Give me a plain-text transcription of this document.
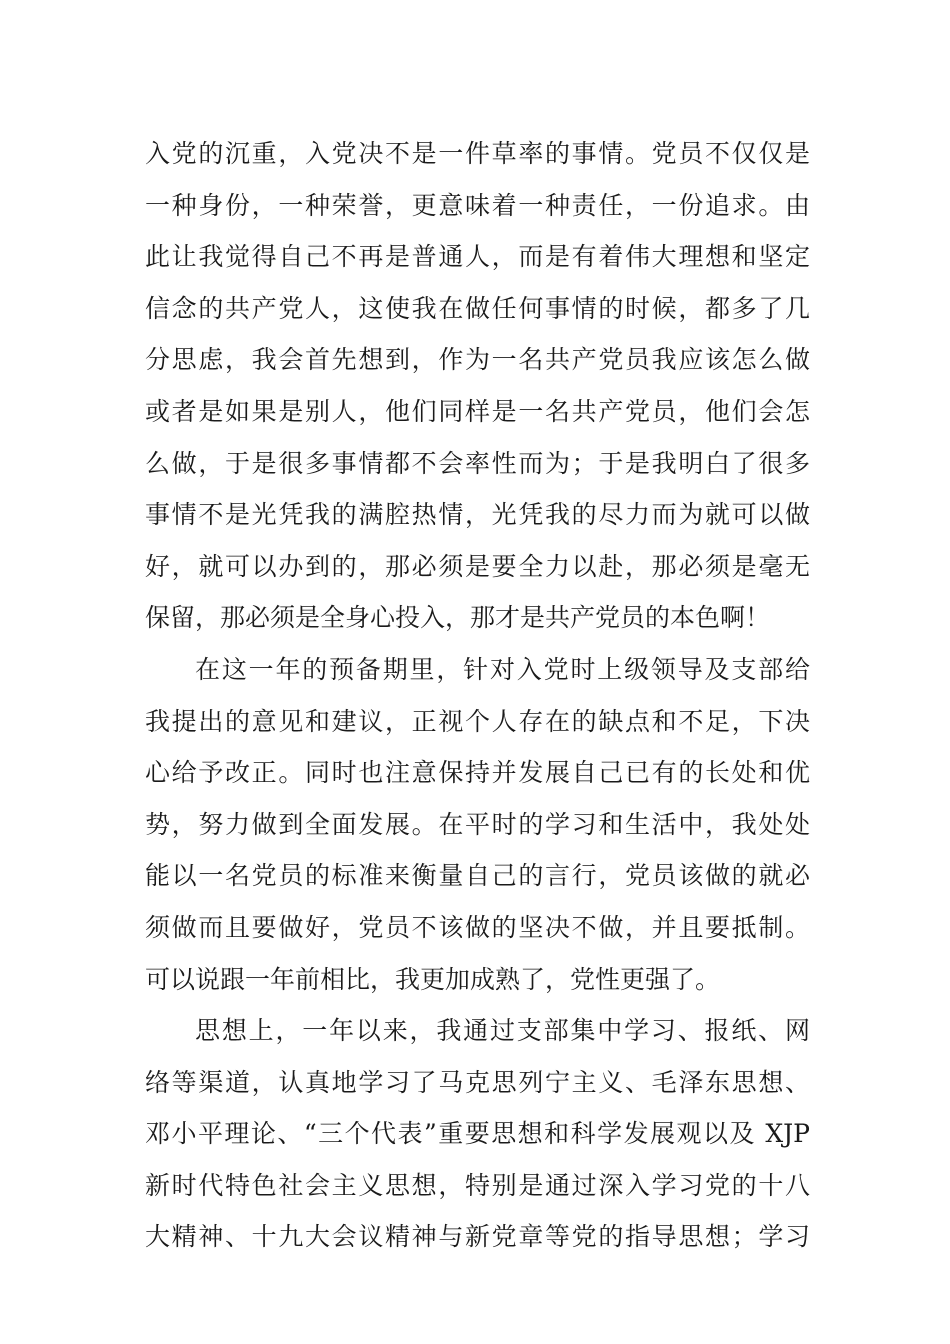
入党的沉重，入党决不是一件草率的事情。党员不仅仅是
一种身份，一种荣誉，更意味着一种责任，一份追求。由
此让我觉得自己不再是普通人，而是有着伟大理想和坚定
信念的共产党人，这使我在做任何事情的时候，都多了几
分思虑，我会首先想到，作为一名共产党员我应该怎么做
或者是如果是别人，他们同样是一名共产党员，他们会怎
么做，于是很多事情都不会率性而为；于是我明白了很多
事情不是光凭我的满腔热情，光凭我的尽力而为就可以做
好，就可以办到的，那必须是要全力以赴，那必须是毫无
保留，那必须是全身心投入，那才是共产党员的本色啊！
在这一年的预备期里，针对入党时上级领导及支部给
我提出的意见和建议，正视个人存在的缺点和不足，下决
心给予改正。同时也注意保持并发展自己已有的长处和优
势，努力做到全面发展。在平时的学习和生活中，我处处
能以一名党员的标准来衡量自己的言行，党员该做的就必
须做而且要做好，党员不该做的坚决不做，并且要抵制。
可以说跟一年前相比，我更加成熟了，党性更强了。
思想上，一年以来，我通过支部集中学习、报纸、网
络等渠道，认真地学习了马克思列宁主义、毛泽东思想、
邓小平理论、“三个代表”重要思想和科学发展观以及 XJP
新时代特色社会主义思想，特别是通过深入学习党的十八
大精神、十九大会议精神与新党章等党的指导思想；学习
